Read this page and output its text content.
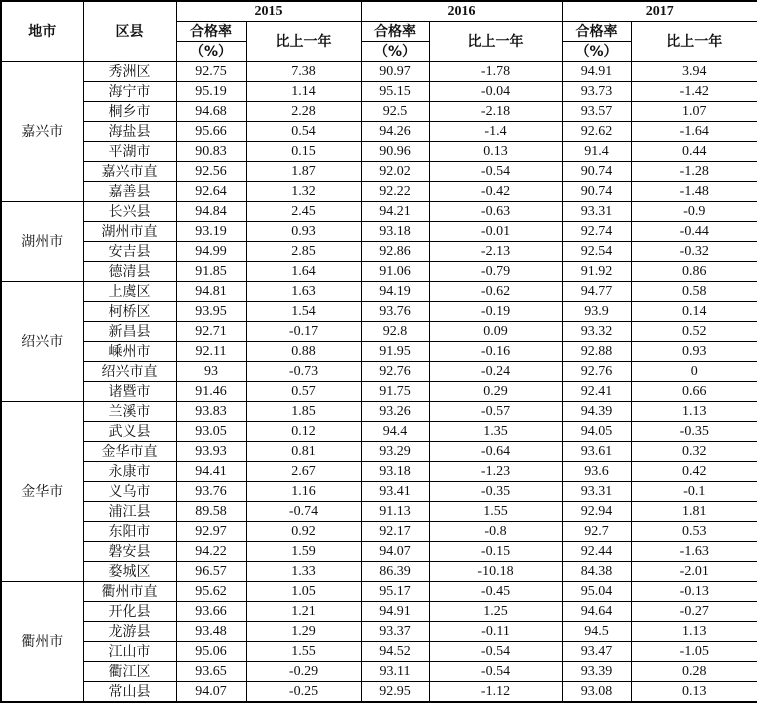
地市	区县	2015		2016		2017	
		合格率	比上一年	合格率	比上一年	合格率	比上一年
		（%）		（%）		（%）	
嘉兴市	秀洲区	92.75	7.38	90.97	-1.78	94.91	3.94
	海宁市	95.19	1.14	95.15	-0.04	93.73	-1.42
	桐乡市	94.68	2.28	92.5	-2.18	93.57	1.07
	海盐县	95.66	0.54	94.26	-1.4	92.62	-1.64
	平湖市	90.83	0.15	90.96	0.13	91.4	0.44
	嘉兴市直	92.56	1.87	92.02	-0.54	90.74	-1.28
	嘉善县	92.64	1.32	92.22	-0.42	90.74	-1.48
湖州市	长兴县	94.84	2.45	94.21	-0.63	93.31	-0.9
	湖州市直	93.19	0.93	93.18	-0.01	92.74	-0.44
	安吉县	94.99	2.85	92.86	-2.13	92.54	-0.32
	德清县	91.85	1.64	91.06	-0.79	91.92	0.86
绍兴市	上虞区	94.81	1.63	94.19	-0.62	94.77	0.58
	柯桥区	93.95	1.54	93.76	-0.19	93.9	0.14
	新昌县	92.71	-0.17	92.8	0.09	93.32	0.52
	嵊州市	92.11	0.88	91.95	-0.16	92.88	0.93
	绍兴市直	93	-0.73	92.76	-0.24	92.76	0
	诸暨市	91.46	0.57	91.75	0.29	92.41	0.66
金华市	兰溪市	93.83	1.85	93.26	-0.57	94.39	1.13
	武义县	93.05	0.12	94.4	1.35	94.05	-0.35
	金华市直	93.93	0.81	93.29	-0.64	93.61	0.32
	永康市	94.41	2.67	93.18	-1.23	93.6	0.42
	义乌市	93.76	1.16	93.41	-0.35	93.31	-0.1
	浦江县	89.58	-0.74	91.13	1.55	92.94	1.81
	东阳市	92.97	0.92	92.17	-0.8	92.7	0.53
	磐安县	94.22	1.59	94.07	-0.15	92.44	-1.63
	婺城区	96.57	1.33	86.39	-10.18	84.38	-2.01
衢州市	衢州市直	95.62	1.05	95.17	-0.45	95.04	-0.13
	开化县	93.66	1.21	94.91	1.25	94.64	-0.27
	龙游县	93.48	1.29	93.37	-0.11	94.5	1.13
	江山市	95.06	1.55	94.52	-0.54	93.47	-1.05
	衢江区	93.65	-0.29	93.11	-0.54	93.39	0.28
	常山县	94.07	-0.25	92.95	-1.12	93.08	0.13
